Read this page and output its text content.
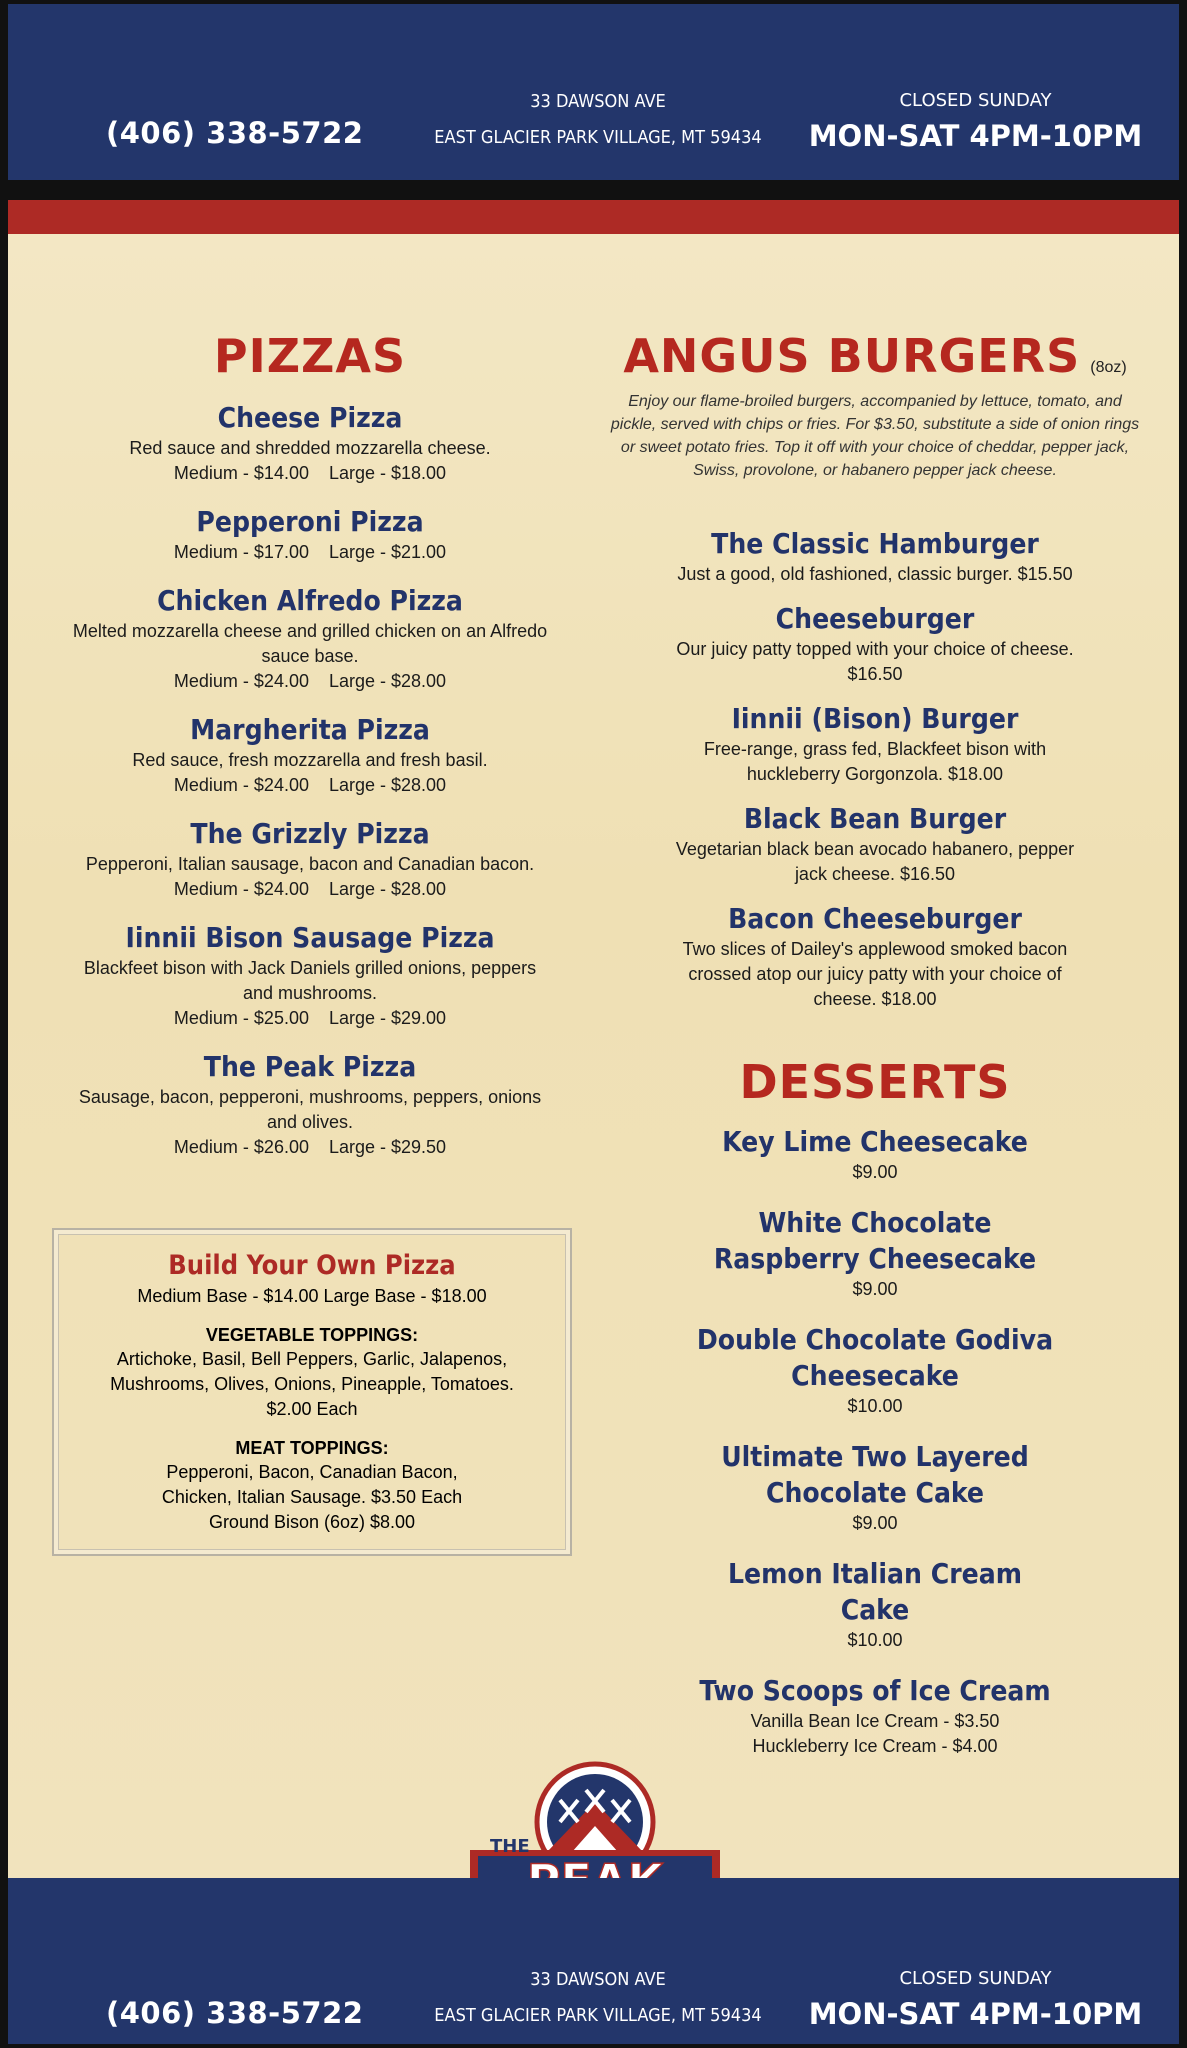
(406) 338-5722
33 DAWSON AVE
EAST GLACIER PARK VILLAGE, MT 59434
CLOSED SUNDAY
MON-SAT 4PM-10PM
PIZZAS
Cheese Pizza
Red sauce and shredded mozzarella cheese.
Medium - $14.00    Large - $18.00
Pepperoni Pizza
Medium - $17.00    Large - $21.00
Chicken Alfredo Pizza
Melted mozzarella cheese and grilled chicken on an Alfredo sauce base.
Medium - $24.00    Large - $28.00
Margherita Pizza
Red sauce, fresh mozzarella and fresh basil.
Medium - $24.00    Large - $28.00
The Grizzly Pizza
Pepperoni, Italian sausage, bacon and Canadian bacon.
Medium - $24.00    Large - $28.00
Iinnii Bison Sausage Pizza
Blackfeet bison with Jack Daniels grilled onions, peppers and mushrooms.
Medium - $25.00    Large - $29.00
The Peak Pizza
Sausage, bacon, pepperoni, mushrooms, peppers, onions and olives.
Medium - $26.00    Large - $29.50
Build Your Own Pizza
Medium Base - $14.00 Large Base - $18.00
VEGETABLE TOPPINGS:
Artichoke, Basil, Bell Peppers, Garlic, Jalapenos, Mushrooms, Olives, Onions, Pineapple, Tomatoes.
$2.00 Each
MEAT TOPPINGS:
Pepperoni, Bacon, Canadian Bacon, Chicken, Italian Sausage. $3.50 Each
Ground Bison (6oz) $8.00
ANGUS BURGERS (8oz)
Enjoy our flame-broiled burgers, accompanied by lettuce, tomato, and pickle, served with chips or fries. For $3.50, substitute a side of onion rings or sweet potato fries. Top it off with your choice of cheddar, pepper jack, Swiss, provolone, or habanero pepper jack cheese.
The Classic Hamburger
Just a good, old fashioned, classic burger. $15.50
Cheeseburger
Our juicy patty topped with your choice of cheese. $16.50
Iinnii (Bison) Burger
Free-range, grass fed, Blackfeet bison with huckleberry Gorgonzola. $18.00
Black Bean Burger
Vegetarian black bean avocado habanero, pepper jack cheese. $16.50
Bacon Cheeseburger
Two slices of Dailey's applewood smoked bacon crossed atop our juicy patty with your choice of cheese. $18.00
DESSERTS
Key Lime Cheesecake
$9.00
White Chocolate Raspberry Cheesecake
$9.00
Double Chocolate Godiva Cheesecake
$10.00
Ultimate Two Layered Chocolate Cake
$9.00
Lemon Italian Cream Cake
$10.00
Two Scoops of Ice Cream
Vanilla Bean Ice Cream - $3.50
Huckleberry Ice Cream - $4.00
THE
(406) 338-5722
33 DAWSON AVE
EAST GLACIER PARK VILLAGE, MT 59434
CLOSED SUNDAY
MON-SAT 4PM-10PM
